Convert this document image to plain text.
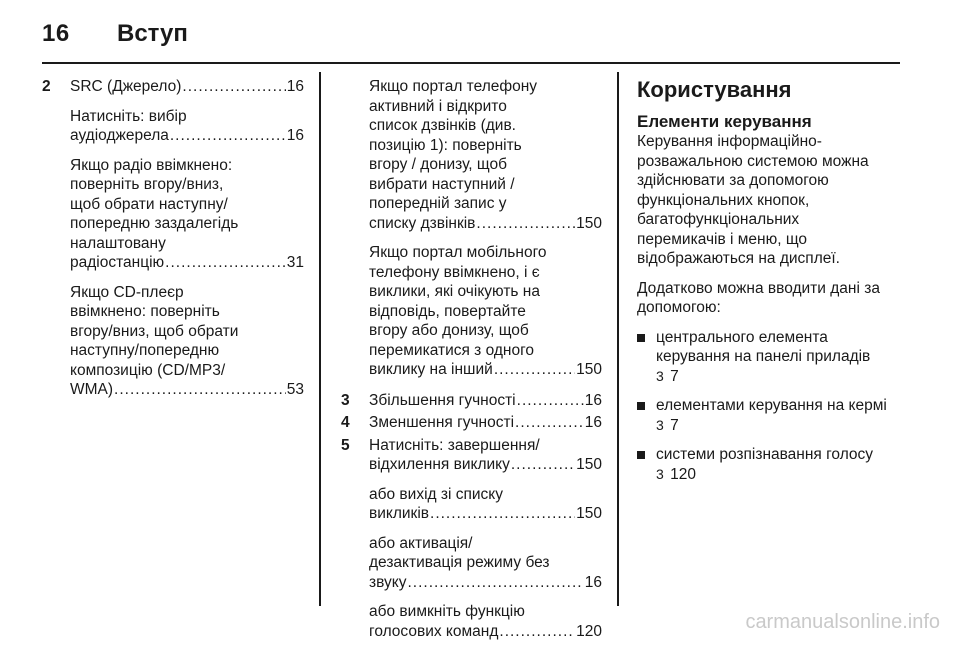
16 Вступ
2 SRC (Джерело) .....	16
Натисніть: вибір
аудіоджерела .....	16
Якщо радіо ввімкнено:
поверніть вгору/вниз,
щоб обрати наступну/
попередню заздалегідь
налаштовану
радіостанцію .....	31
Якщо CD-плеєр
ввімкнено: поверніть
вгору/вниз, щоб обрати
наступну/попередню
композицію (CD/MP3/
WMA) .....	53
Якщо портал телефону
активний і відкрито
список дзвінків (див.
позицію 1): поверніть
вгору / донизу, щоб
вибрати наступний /
попередній запис у
списку дзвінків .....	150
Якщо портал мобільного
телефону ввімкнено, і є
виклики, які очікують на
відповідь, повертайте
вгору або донизу, щоб
перемикатися з одного
виклику на інший .....	150
3 Збільшення гучності .....	16
4 Зменшення гучності .....	16
5 Натисніть: завершення/
відхилення виклику .....	150
або вихід зі списку
викликів .....	150
або активація/
дезактивація режиму без
звуку .....	16
або вимкніть функцію
голосових команд .....	120
Користування
Елементи керування
Керування інформаційно-
розважальною системою можна
здійснювати за допомогою
функціональних кнопок,
багатофункціональних
перемикачів і меню, що
відображаються на дисплеї.
Додатково можна вводити дані за
допомогою:
центрального елемента
керування на панелі приладів
3 7
елементами керування на кермі
3 7
системи розпізнавання голосу
3 120
carmanualsonline.info
